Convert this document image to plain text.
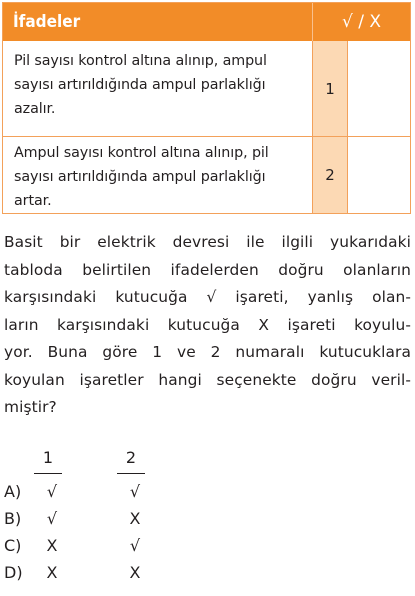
İfadeler	√ / X
Pil sayısı kontrol altına alınıp, ampul
sayısı artırıldığında ampul parlaklığı
azalır.
1
Ampul sayısı kontrol altına alınıp, pil
sayısı artırıldığında ampul parlaklığı
artar.
2
Basit bir elektrik devresi ile ilgili yukarıdaki
tabloda belirtilen ifadelerden doğru olanların
karşısındaki kutucuğa √ işareti, yanlış olan-
ların karşısındaki kutucuğa X işareti koyulu-
yor. Buna göre 1 ve 2 numaralı kutucuklara
koyulan işaretler hangi seçenekte doğru veril-
miştir?
1	2
A)	√	√
B)	√	X
C)	X	√
D)	X	X
